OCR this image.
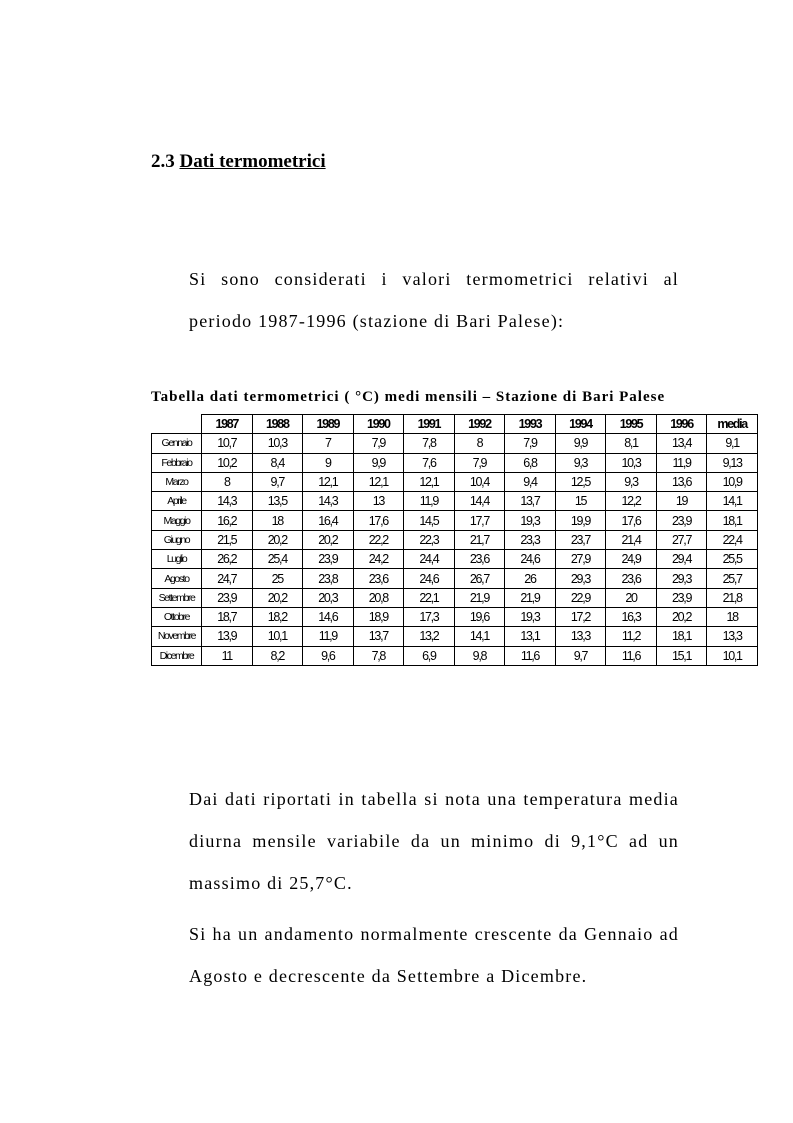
2.3 Dati termometrici

Si sono considerati i valori termometrici relativi al periodo 1987-1996 (stazione di Bari Palese):

Tabella dati termometrici ( °C) medi mensili – Stazione di Bari Palese
	1987	1988	1989	1990	1991	1992	1993	1994	1995	1996	media
Gennaio	10,7	10,3	7	7,9	7,8	8	7,9	9,9	8,1	13,4	9,1
Febbraio	10,2	8,4	9	9,9	7,6	7,9	6,8	9,3	10,3	11,9	9,13
Marzo	8	9,7	12,1	12,1	12,1	10,4	9,4	12,5	9,3	13,6	10,9
Aprile	14,3	13,5	14,3	13	11,9	14,4	13,7	15	12,2	19	14,1
Maggio	16,2	18	16,4	17,6	14,5	17,7	19,3	19,9	17,6	23,9	18,1
Giugno	21,5	20,2	20,2	22,2	22,3	21,7	23,3	23,7	21,4	27,7	22,4
Luglio	26,2	25,4	23,9	24,2	24,4	23,6	24,6	27,9	24,9	29,4	25,5
Agosto	24,7	25	23,8	23,6	24,6	26,7	26	29,3	23,6	29,3	25,7
Settembre	23,9	20,2	20,3	20,8	22,1	21,9	21,9	22,9	20	23,9	21,8
Ottobre	18,7	18,2	14,6	18,9	17,3	19,6	19,3	17,2	16,3	20,2	18
Novembre	13,9	10,1	11,9	13,7	13,2	14,1	13,1	13,3	11,2	18,1	13,3
Dicembre	11	8,2	9,6	7,8	6,9	9,8	11,6	9,7	11,6	15,1	10,1

Dai dati riportati in tabella si nota una temperatura media diurna mensile variabile da un minimo di 9,1°C ad un massimo di 25,7°C.

Si ha un andamento normalmente crescente da Gennaio ad Agosto e decrescente da Settembre a Dicembre.
